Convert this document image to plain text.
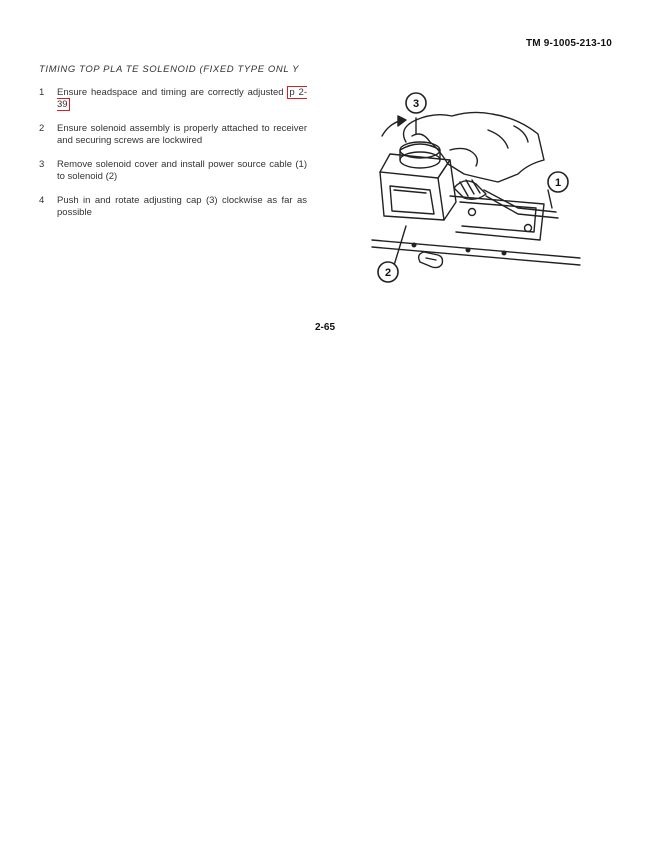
TM 9-1005-213-10
TIMING TOP PLA TE SOLENOID (FIXED TYPE ONL Y
1 Ensure headspace and timing are correctly adjusted p 2-39
2 Ensure solenoid assembly is properly attached to receiver and securing screws are lockwired
3 Remove solenoid cover and install power source cable (1) to solenoid (2)
4 Push in and rotate adjusting cap (3) clockwise as far as possible
3
1
2
2-65
